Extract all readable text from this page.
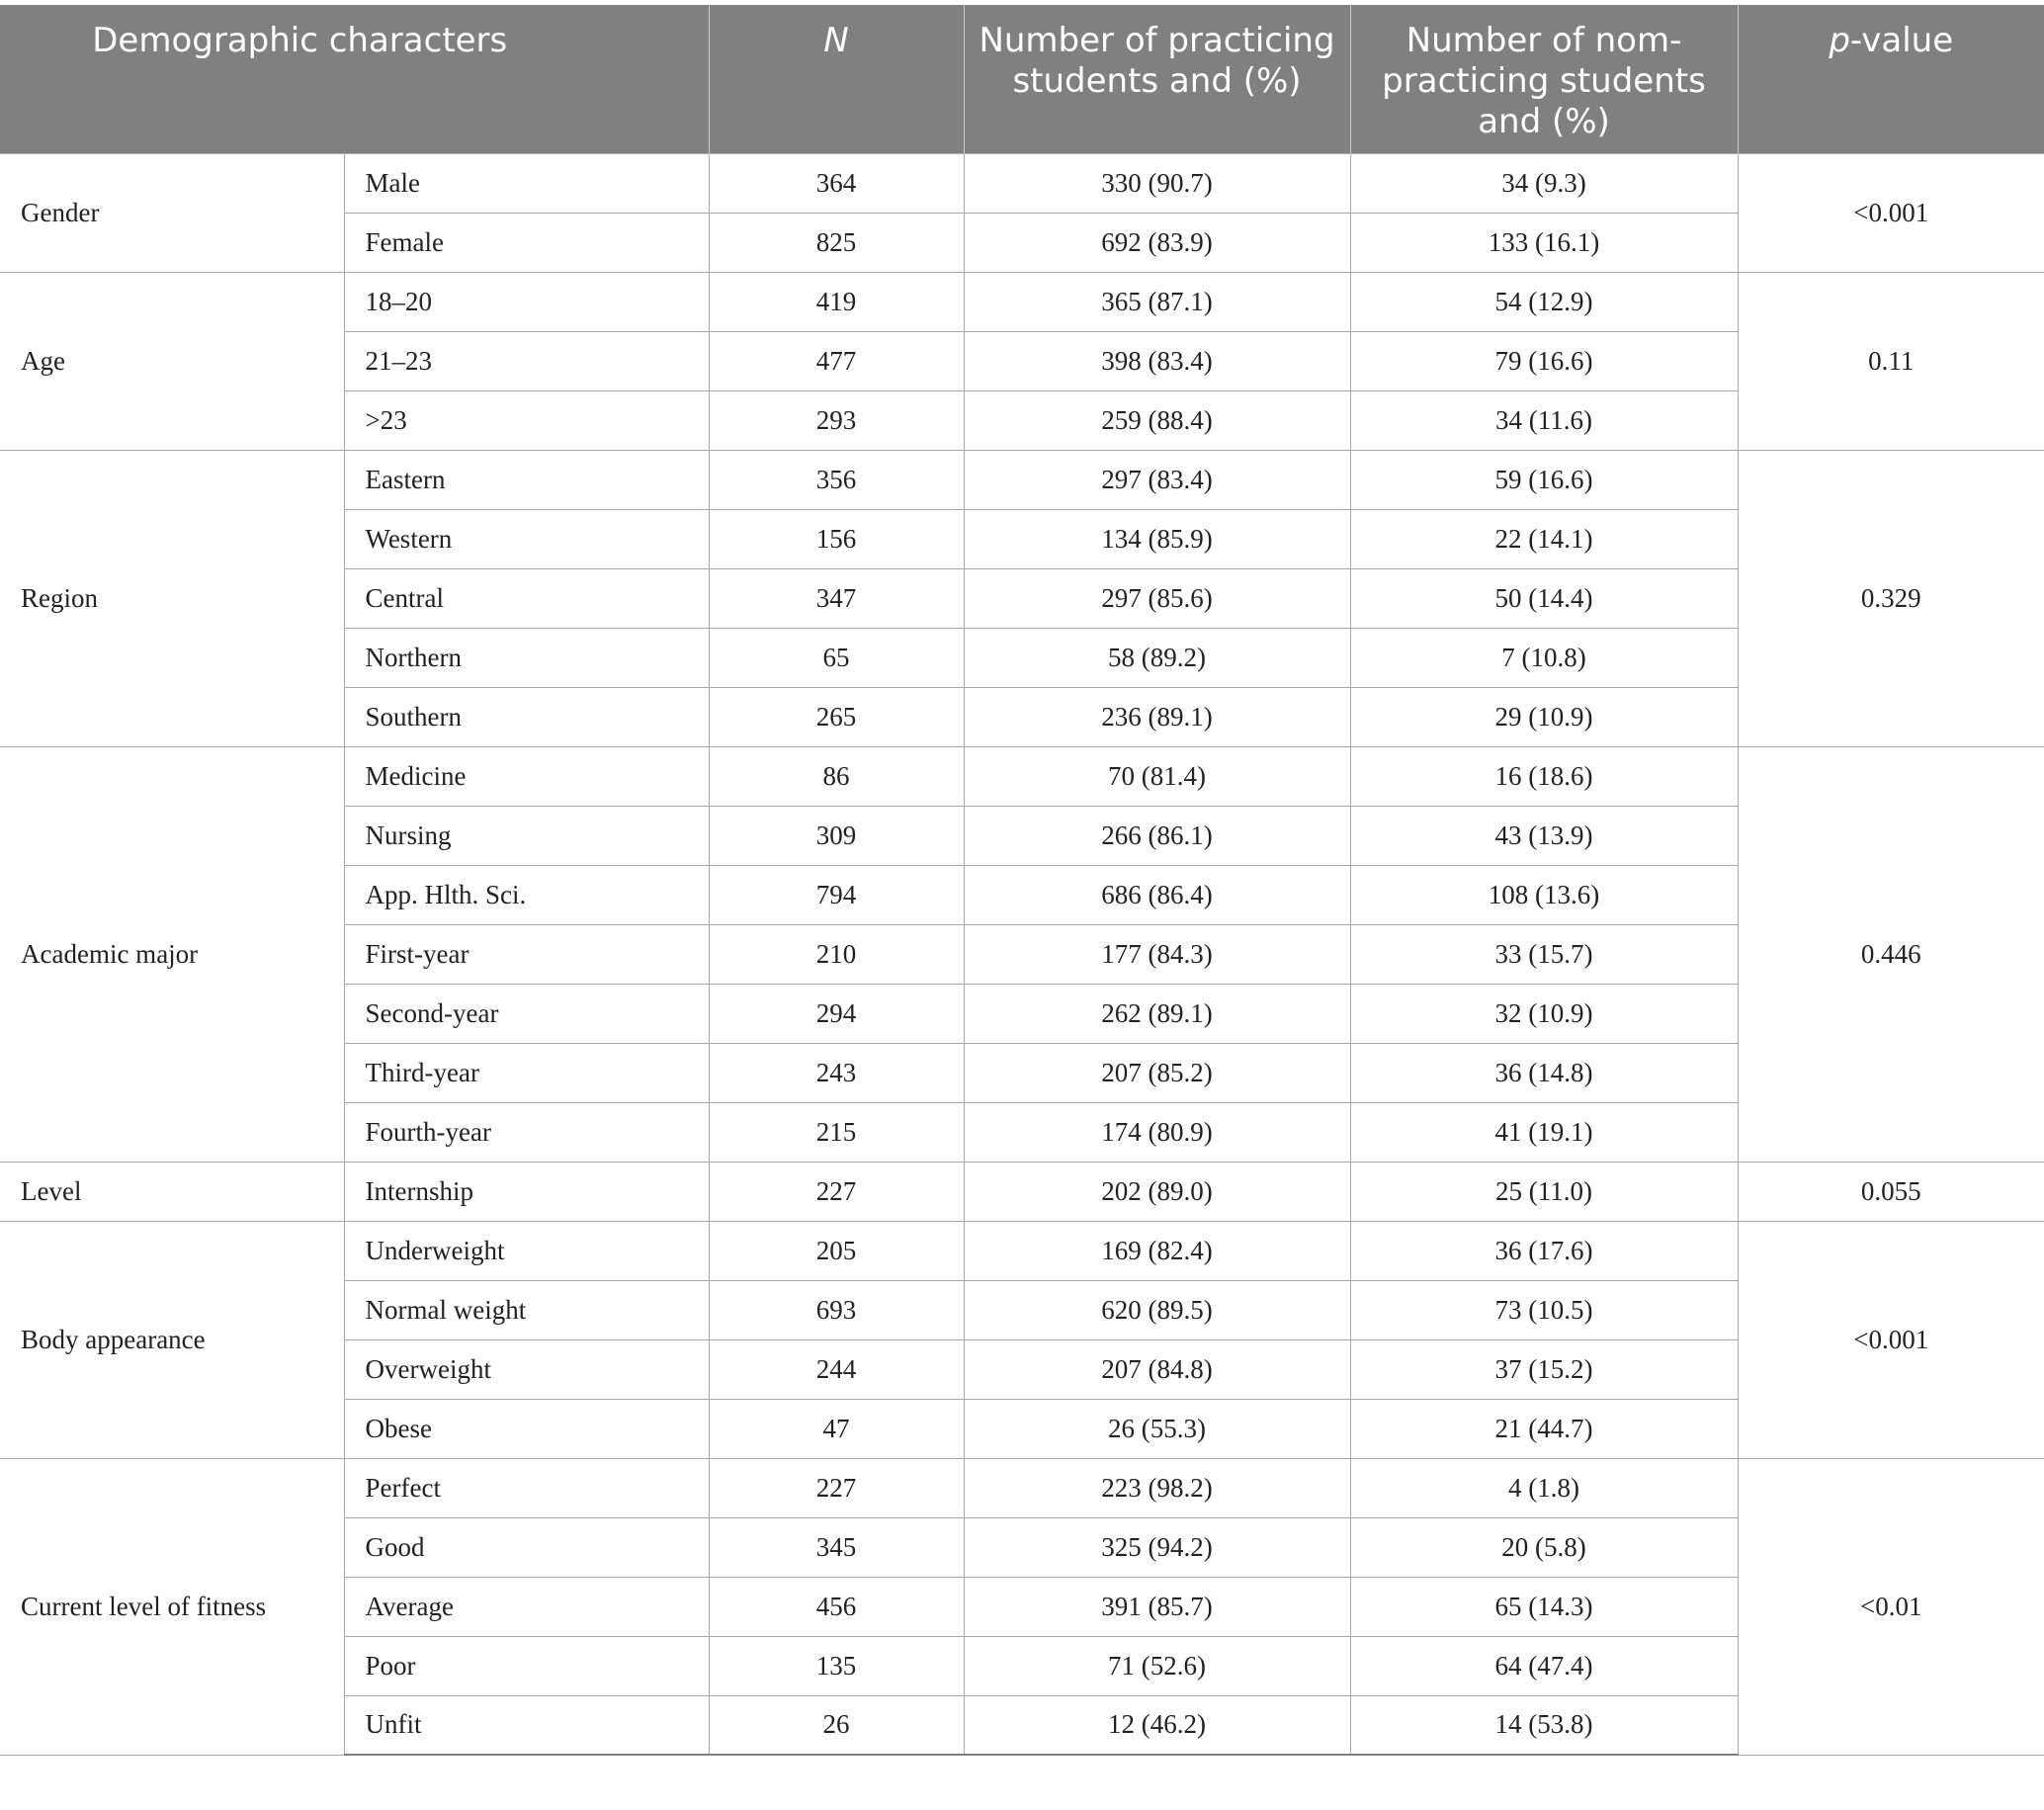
Demographic characters		N	Number of practicing students and (%)	Number of nom-practicing students and (%)	p-value

Gender	Male	364	330 (90.7)	34 (9.3)	<0.001
	Female	825	692 (83.9)	133 (16.1)	
Age	18–20	419	365 (87.1)	54 (12.9)	0.11
	21–23	477	398 (83.4)	79 (16.6)	
	>23	293	259 (88.4)	34 (11.6)	
Region	Eastern	356	297 (83.4)	59 (16.6)	0.329
	Western	156	134 (85.9)	22 (14.1)	
	Central	347	297 (85.6)	50 (14.4)	
	Northern	65	58 (89.2)	7 (10.8)	
	Southern	265	236 (89.1)	29 (10.9)	
Academic major	Medicine	86	70 (81.4)	16 (18.6)	0.446
	Nursing	309	266 (86.1)	43 (13.9)	
	App. Hlth. Sci.	794	686 (86.4)	108 (13.6)	
	First-year	210	177 (84.3)	33 (15.7)	
	Second-year	294	262 (89.1)	32 (10.9)	
	Third-year	243	207 (85.2)	36 (14.8)	
	Fourth-year	215	174 (80.9)	41 (19.1)	
Level	Internship	227	202 (89.0)	25 (11.0)	0.055
Body appearance	Underweight	205	169 (82.4)	36 (17.6)	<0.001
	Normal weight	693	620 (89.5)	73 (10.5)	
	Overweight	244	207 (84.8)	37 (15.2)	
	Obese	47	26 (55.3)	21 (44.7)	
Current level of fitness	Perfect	227	223 (98.2)	4 (1.8)	<0.01
	Good	345	325 (94.2)	20 (5.8)	
	Average	456	391 (85.7)	65 (14.3)	
	Poor	135	71 (52.6)	64 (47.4)	
	Unfit	26	12 (46.2)	14 (53.8)	
